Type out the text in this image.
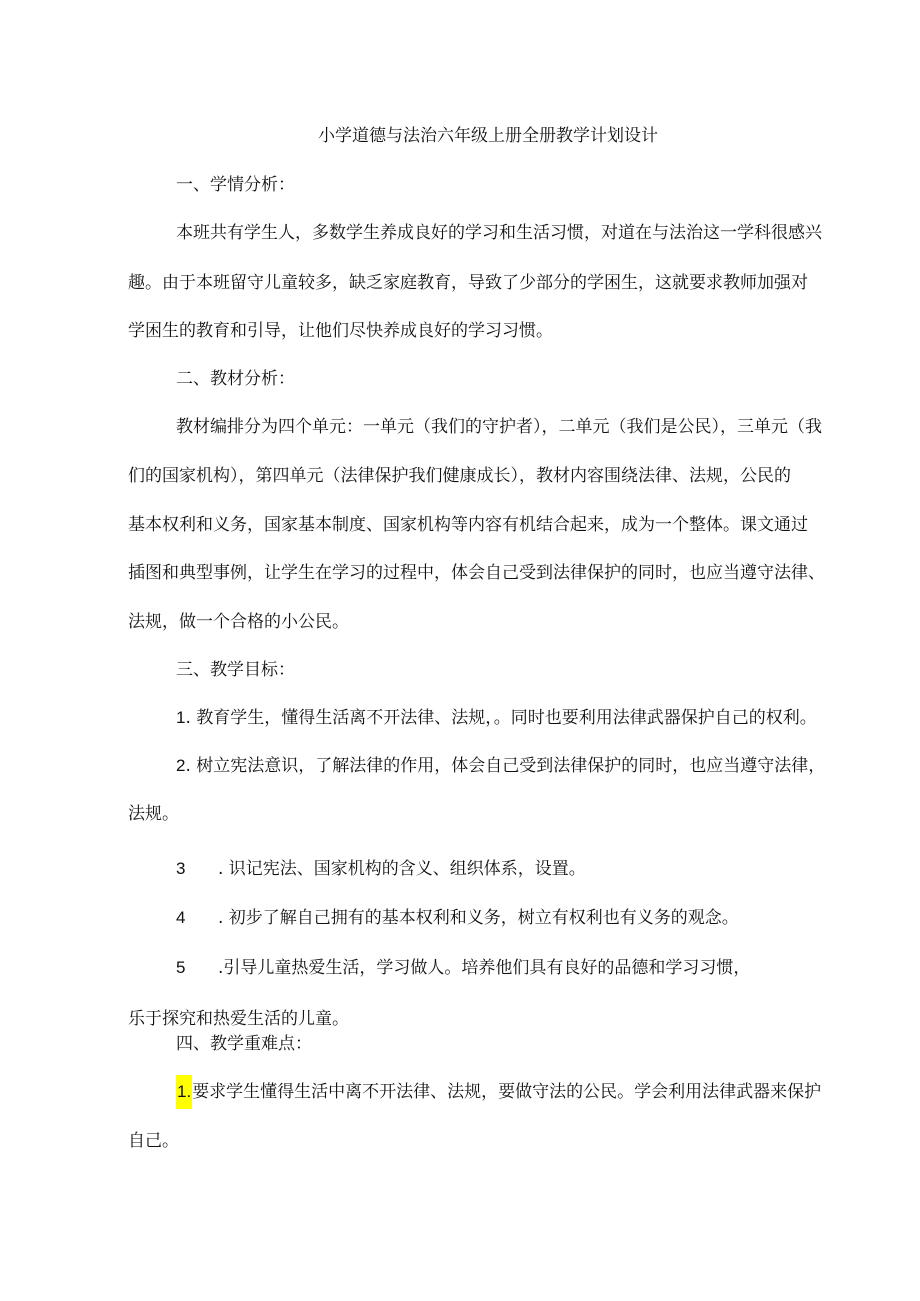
小学道德与法治六年级上册全册教学计划设计
一、学情分析：
本班共有学生人，多数学生养成良好的学习和生活习惯，对道在与法治这一学科很感兴
趣。由于本班留守儿童较多，缺乏家庭教育，导致了少部分的学困生，这就要求教师加强对
学困生的教育和引导，让他们尽快养成良好的学习习惯。
二、教材分析：
教材编排分为四个单元：一单元（我们的守护者），二单元（我们是公民），三单元（我
们的国家机构），第四单元（法律保护我们健康成长），教材内容围绕法律、法规，公民的
基本权利和义务，国家基本制度、国家机构等内容有机结合起来，成为一个整体。课文通过
插图和典型事例，让学生在学习的过程中，体会自己受到法律保护的同时，也应当遵守法律、
法规，做一个合格的小公民。
三、教学目标：
1. 教育学生，懂得生活离不开法律、法规，。同时也要利用法律武器保护自己的权利。
2. 树立宪法意识，了解法律的作用，体会自己受到法律保护的同时，也应当遵守法律，
法规。
3 . 识记宪法、国家机构的含义、组织体系，设置。
4 . 初步了解自己拥有的基本权利和义务，树立有权利也有义务的观念。
5 .引导儿童热爱生活，学习做人。培养他们具有良好的品德和学习习惯，
乐于探究和热爱生活的儿童。
四、教学重难点：
1.要求学生懂得生活中离不开法律、法规，要做守法的公民。学会利用法律武器来保护
自己。
